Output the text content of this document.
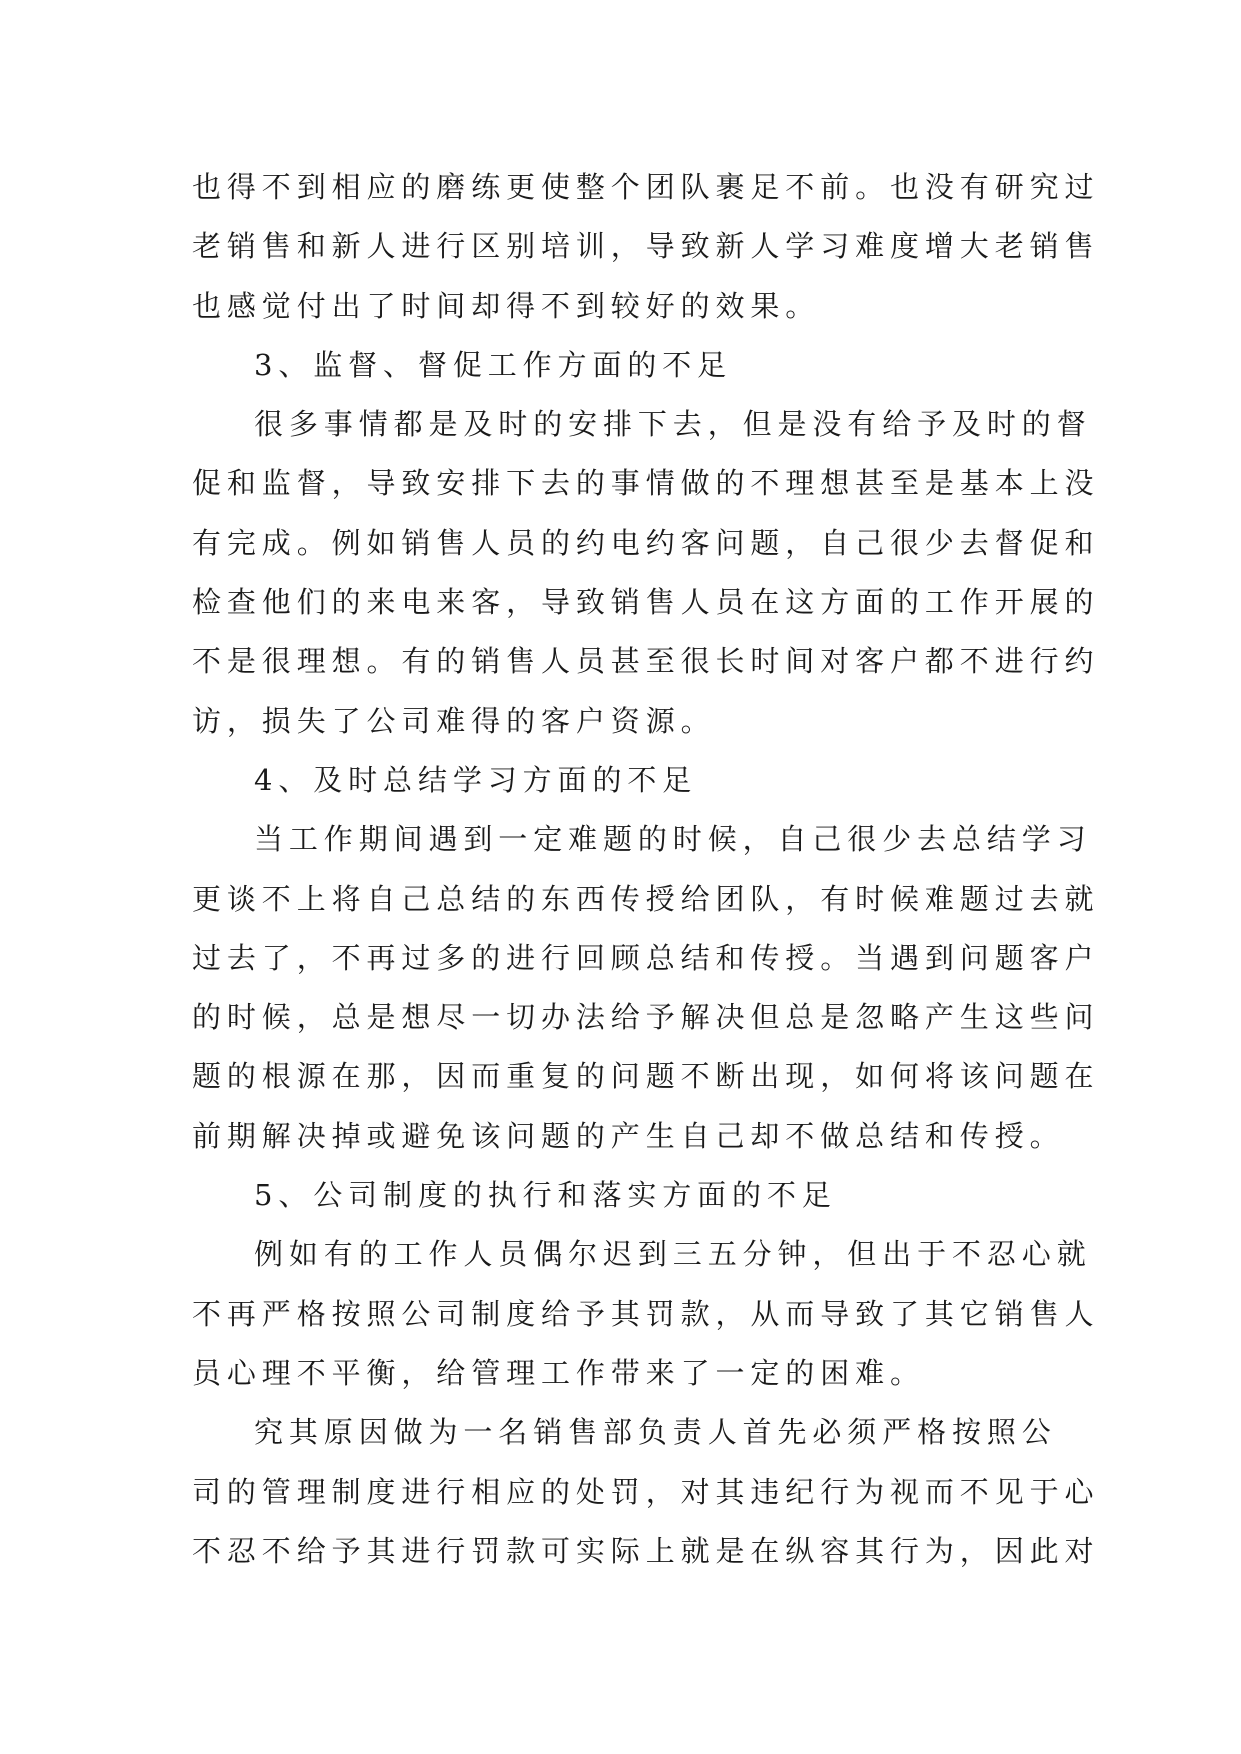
也得不到相应的磨练更使整个团队裹足不前。也没有研究过
老销售和新人进行区别培训，导致新人学习难度增大老销售
也感觉付出了时间却得不到较好的效果。
3、监督、督促工作方面的不足
很多事情都是及时的安排下去，但是没有给予及时的督
促和监督，导致安排下去的事情做的不理想甚至是基本上没
有完成。例如销售人员的约电约客问题，自己很少去督促和
检查他们的来电来客，导致销售人员在这方面的工作开展的
不是很理想。有的销售人员甚至很长时间对客户都不进行约
访，损失了公司难得的客户资源。
4、及时总结学习方面的不足
当工作期间遇到一定难题的时候，自己很少去总结学习
更谈不上将自己总结的东西传授给团队，有时候难题过去就
过去了，不再过多的进行回顾总结和传授。当遇到问题客户
的时候，总是想尽一切办法给予解决但总是忽略产生这些问
题的根源在那，因而重复的问题不断出现，如何将该问题在
前期解决掉或避免该问题的产生自己却不做总结和传授。
5、公司制度的执行和落实方面的不足
例如有的工作人员偶尔迟到三五分钟，但出于不忍心就
不再严格按照公司制度给予其罚款，从而导致了其它销售人
员心理不平衡，给管理工作带来了一定的困难。
究其原因做为一名销售部负责人首先必须严格按照公
司的管理制度进行相应的处罚，对其违纪行为视而不见于心
不忍不给予其进行罚款可实际上就是在纵容其行为，因此对
